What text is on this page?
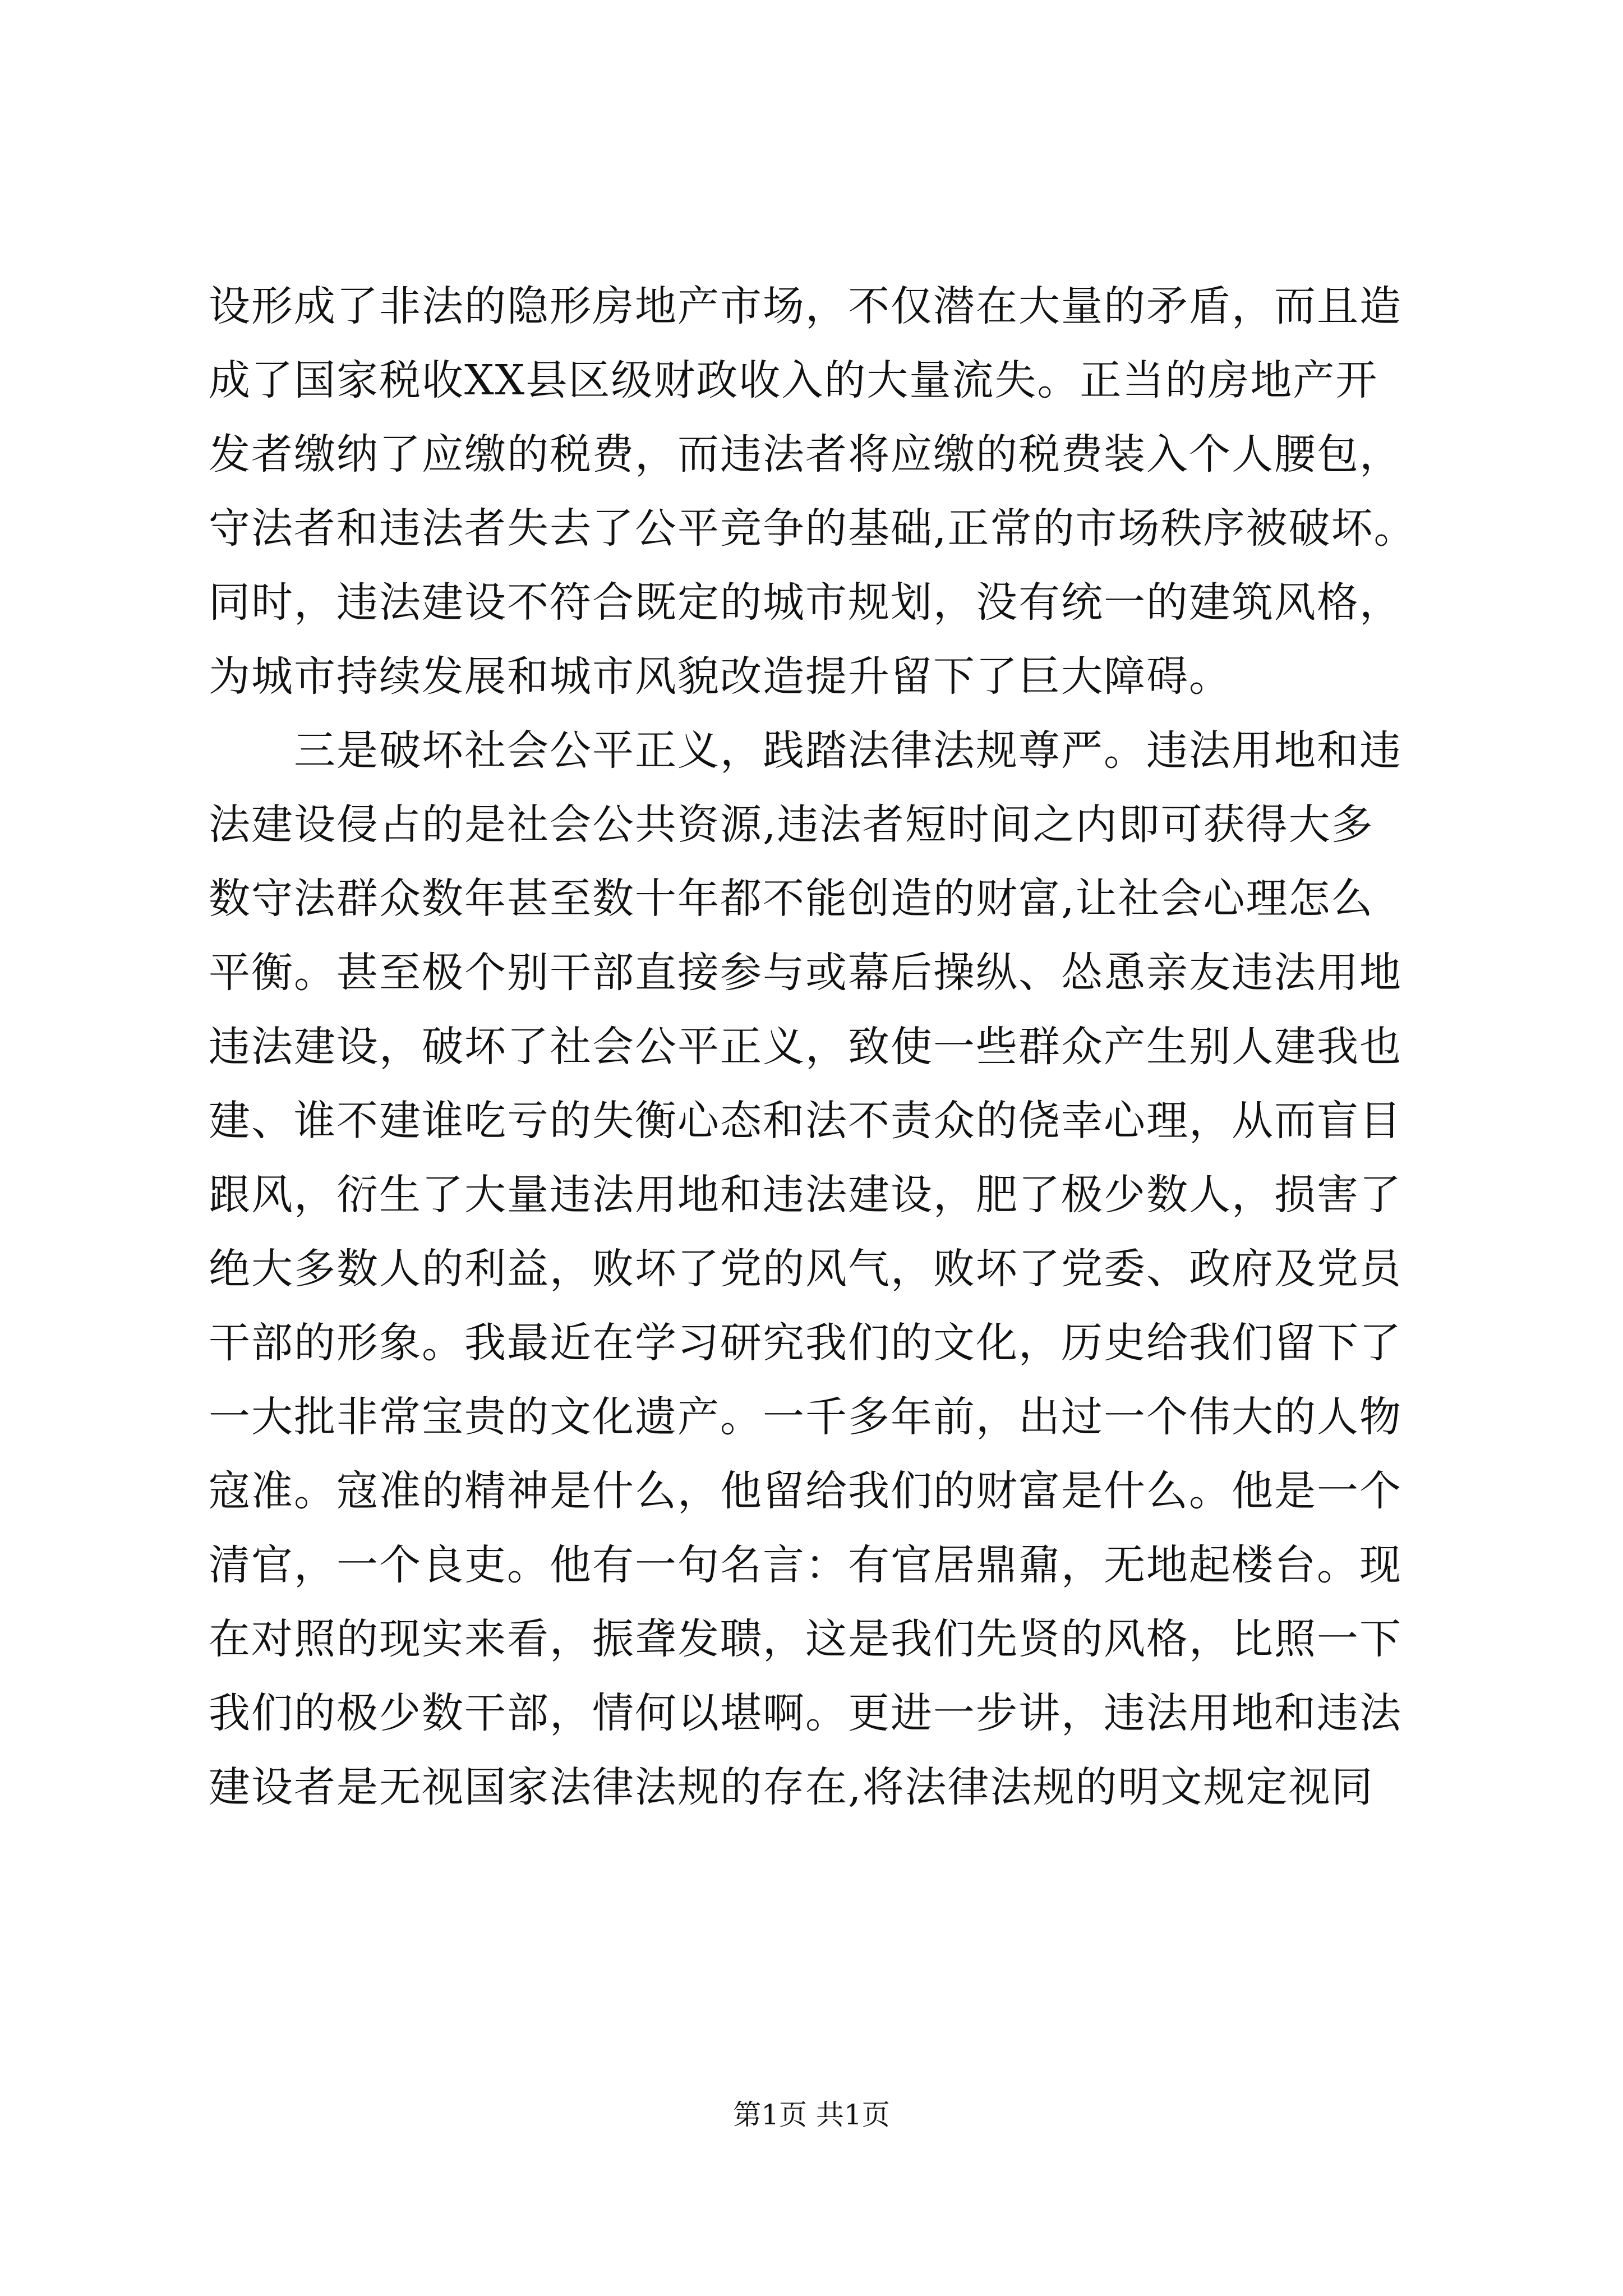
设形成了非法的隐形房地产市场，不仅潜在大量的矛盾，而且造
成了国家税收XX县区级财政收入的大量流失。正当的房地产开
发者缴纳了应缴的税费，而违法者将应缴的税费装入个人腰包，
守法者和违法者失去了公平竞争的基础,正常的市场秩序被破坏。
同时，违法建设不符合既定的城市规划，没有统一的建筑风格，
为城市持续发展和城市风貌改造提升留下了巨大障碍。
　　三是破坏社会公平正义，践踏法律法规尊严。违法用地和违
法建设侵占的是社会公共资源,违法者短时间之内即可获得大多
数守法群众数年甚至数十年都不能创造的财富,让社会心理怎么
平衡。甚至极个别干部直接参与或幕后操纵、怂恿亲友违法用地
违法建设，破坏了社会公平正义，致使一些群众产生别人建我也
建、谁不建谁吃亏的失衡心态和法不责众的侥幸心理，从而盲目
跟风，衍生了大量违法用地和违法建设，肥了极少数人，损害了
绝大多数人的利益，败坏了党的风气，败坏了党委、政府及党员
干部的形象。我最近在学习研究我们的文化，历史给我们留下了
一大批非常宝贵的文化遗产。一千多年前，出过一个伟大的人物
寇准。寇准的精神是什么，他留给我们的财富是什么。他是一个
清官，一个良吏。他有一句名言：有官居鼎鼐，无地起楼台。现
在对照的现实来看，振聋发聩，这是我们先贤的风格，比照一下
我们的极少数干部，情何以堪啊。更进一步讲，违法用地和违法
建设者是无视国家法律法规的存在,将法律法规的明文规定视同
第1页 共1页
